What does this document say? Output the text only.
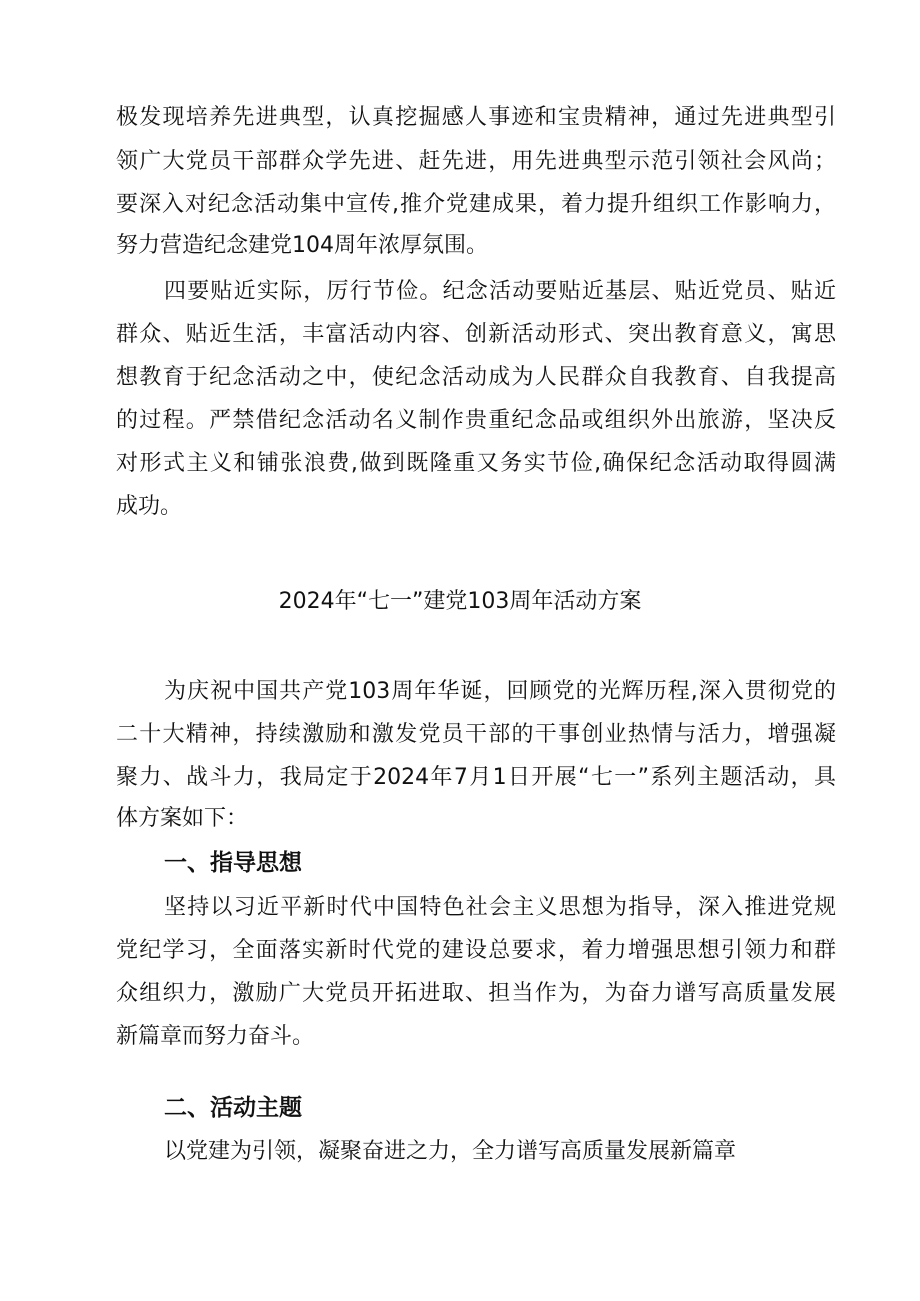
极发现培养先进典型，认真挖掘感人事迹和宝贵精神，通过先进典型引
领广大党员干部群众学先进、赶先进，用先进典型示范引领社会风尚；
要深入对纪念活动集中宣传,推介党建成果，着力提升组织工作影响力，
努力营造纪念建党104周年浓厚氛围。
四要贴近实际，厉行节俭。纪念活动要贴近基层、贴近党员、贴近
群众、贴近生活，丰富活动内容、创新活动形式、突出教育意义，寓思
想教育于纪念活动之中，使纪念活动成为人民群众自我教育、自我提高
的过程。严禁借纪念活动名义制作贵重纪念品或组织外出旅游，坚决反
对形式主义和铺张浪费,做到既隆重又务实节俭,确保纪念活动取得圆满
成功。
2024年“七一”建党103周年活动方案
为庆祝中国共产党103周年华诞，回顾党的光辉历程,深入贯彻党的
二十大精神，持续激励和激发党员干部的干事创业热情与活力，增强凝
聚力、战斗力，我局定于2024年7月1日开展“七一”系列主题活动，具
体方案如下：
一、指导思想
坚持以习近平新时代中国特色社会主义思想为指导，深入推进党规
党纪学习，全面落实新时代党的建设总要求，着力增强思想引领力和群
众组织力，激励广大党员开拓进取、担当作为，为奋力谱写高质量发展
新篇章而努力奋斗。
二、活动主题
以党建为引领，凝聚奋进之力，全力谱写高质量发展新篇章
